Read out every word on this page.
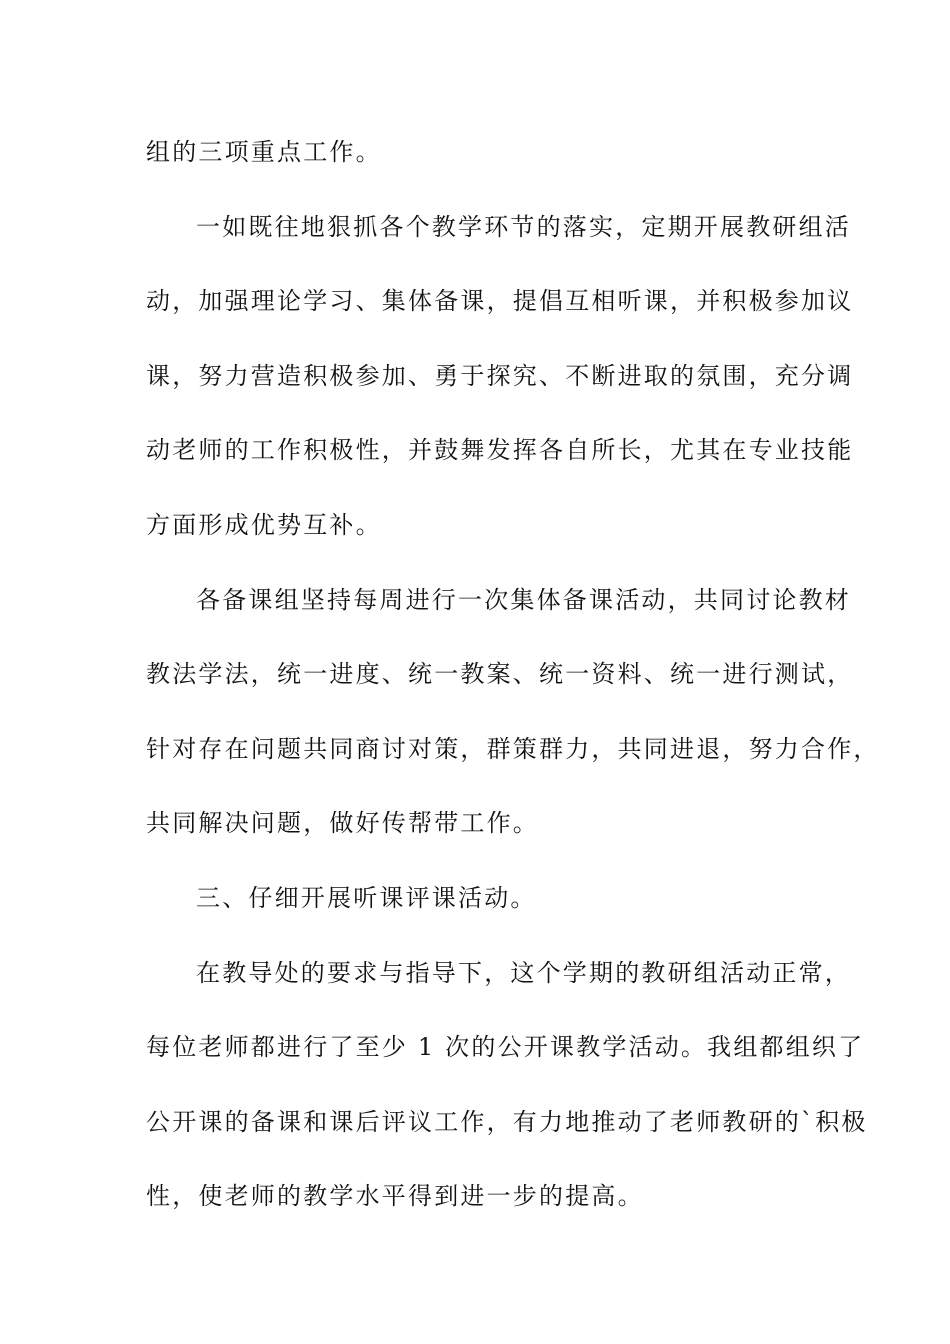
组的三项重点工作。
一如既往地狠抓各个教学环节的落实，定期开展教研组活
动，加强理论学习、集体备课，提倡互相听课，并积极参加议
课，努力营造积极参加、勇于探究、不断进取的氛围，充分调
动老师的工作积极性，并鼓舞发挥各自所长，尤其在专业技能
方面形成优势互补。
各备课组坚持每周进行一次集体备课活动，共同讨论教材
教法学法，统一进度、统一教案、统一资料、统一进行测试，
针对存在问题共同商讨对策，群策群力，共同进退，努力合作，
共同解决问题，做好传帮带工作。
三、仔细开展听课评课活动。
在教导处的要求与指导下，这个学期的教研组活动正常，
每位老师都进行了至少 1 次的公开课教学活动。我组都组织了
公开课的备课和课后评议工作，有力地推动了老师教研的`积极
性，使老师的教学水平得到进一步的提高。
